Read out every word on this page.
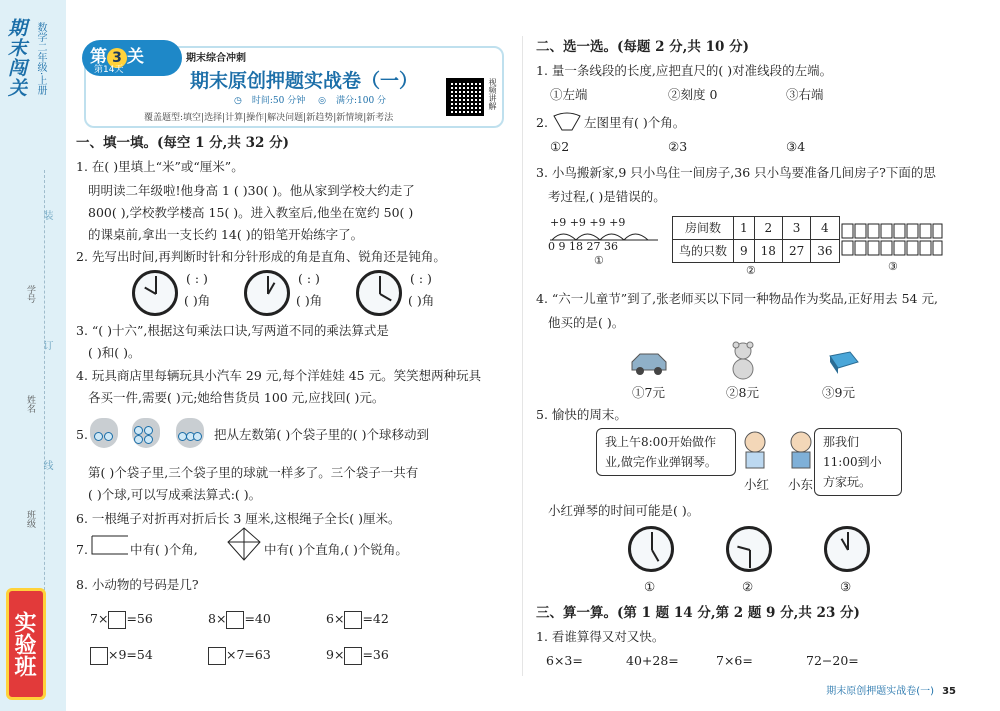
期末闯关 数学二年级·上册
学号
姓名
班级
装
订
线
实验班
第 3 关
第14天
期末综合冲刺
期末原创押题实战卷（一）
◷ 时间:50 分钟 ◎ 满分:100 分
覆盖题型:填空|选择|计算|操作|解决问题|新趋势|新情境|新考法
视频讲解
一、填一填。(每空 1 分,共 32 分)
1. 在( )里填上“米”或“厘米”。
明明读二年级啦!他身高 1 ( )30( )。他从家到学校大约走了
800( ),学校教学楼高 15( )。进入教室后,他坐在宽约 50( )
的课桌前,拿出一支长约 14( )的铅笔开始练字了。
2. 先写出时间,再判断时针和分针形成的角是直角、锐角还是钝角。
( : )
( )角
( : )
( )角
( : )
( )角
3. “( )十六”,根据这句乘法口诀,写两道不同的乘法算式是
( )和( )。
4. 玩具商店里每辆玩具小汽车 29 元,每个洋娃娃 45 元。笑笑想两种玩具
各买一件,需要( )元;她给售货员 100 元,应找回( )元。
5.	把从左数第( )个袋子里的( )个球移动到
第( )个袋子里,三个袋子里的球就一样多了。三个袋子一共有
( )个球,可以写成乘法算式:( )。
6. 一根绳子对折再对折后长 3 厘米,这根绳子全长( )厘米。
7.	中有( )个角,	中有( )个直角,( )个锐角。
8. 小动物的号码是几?
7× =56	8× =40	6× =42
×9=54	×7=63	9× =36
二、选一选。(每题 2 分,共 10 分)
1. 量一条线段的长度,应把直尺的( )对准线段的左端。
①左端	②刻度 0	③右端
2.	左图里有( )个角。
①2	②3	③4
3. 小鸟搬新家,9 只小鸟住一间房子,36 只小鸟要准备几间房子?下面的思
考过程,( )是错误的。
+9 +9 +9 +9
0 9 18 27 36
①
房间数	1	2	3	4
鸟的只数	9	18	27	36
②	③
4. “六一儿童节”到了,张老师买以下同一种物品作为奖品,正好用去 54 元,
他买的是( )。
①7元	②8元	③9元
5. 愉快的周末。
我上午8:00开始做作业,做完作业弹钢琴。
那我们11:00到小方家玩。
小红 小东
小红弹琴的时间可能是( )。
①	②	③
三、算一算。(第 1 题 14 分,第 2 题 9 分,共 23 分)
1. 看谁算得又对又快。
6×3=	40+28=	7×6=	72−20=
期末原创押题实战卷(一) 35
